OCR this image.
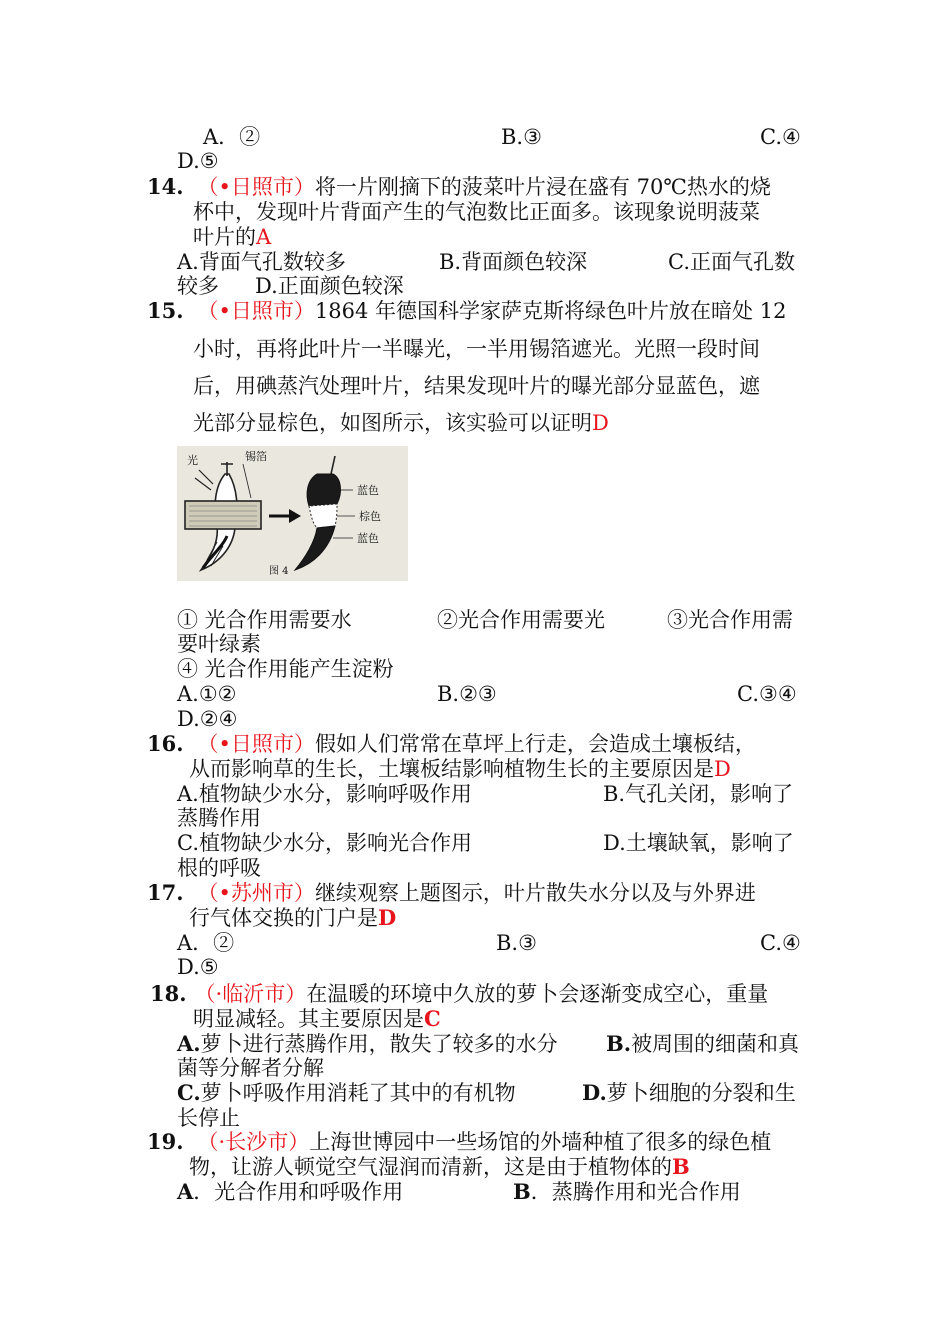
A．②	B.③	C.④
D.⑤
14. （•日照市）将一片刚摘下的菠菜叶片浸在盛有 70℃热水的烧
杯中，发现叶片背面产生的气泡数比正面多。该现象说明菠菜
叶片的A
A.背面气孔数较多	B.背面颜色较深	C.正面气孔数
较多 D.正面颜色较深
15. （•日照市）1864 年德国科学家萨克斯将绿色叶片放在暗处 12
小时，再将此叶片一半曝光，一半用锡箔遮光。光照一段时间
后，用碘蒸汽处理叶片，结果发现叶片的曝光部分显蓝色，遮
光部分显棕色，如图所示，该实验可以证明D
光	锡箔
蓝色
棕色
蓝色
图 4
① 光合作用需要水	②光合作用需要光	③光合作用需
要叶绿素
④ 光合作用能产生淀粉
A.①②	B.②③	C.③④
D.②④
16. （•日照市）假如人们常常在草坪上行走，会造成土壤板结，
从而影响草的生长，土壤板结影响植物生长的主要原因是D
A.植物缺少水分，影响呼吸作用	B.气孔关闭，影响了
蒸腾作用
C.植物缺少水分，影响光合作用	D.土壤缺氧，影响了
根的呼吸
17. （•苏州市）继续观察上题图示，叶片散失水分以及与外界进
行气体交换的门户是D
A．②	B.③	C.④
D.⑤
18. （·临沂市）在温暖的环境中久放的萝卜会逐渐变成空心，重量
明显减轻。其主要原因是C
A.萝卜进行蒸腾作用，散失了较多的水分 B.被周围的细菌和真
菌等分解者分解
C.萝卜呼吸作用消耗了其中的有机物	D.萝卜细胞的分裂和生
长停止
19. （·长沙市）上海世博园中一些场馆的外墙种植了很多的绿色植
物，让游人顿觉空气湿润而清新，这是由于植物体的B
A．光合作用和呼吸作用	B．蒸腾作用和光合作用
